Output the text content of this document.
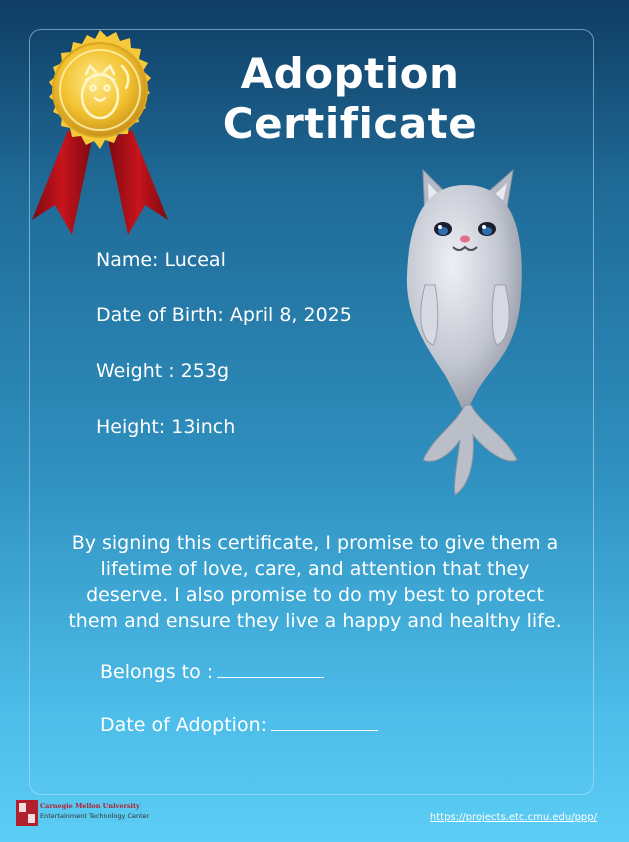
Adoption
Certificate
Name: Luceal
Date of Birth: April 8, 2025
Weight : 253g
Height: 13inch
By signing this certificate, I promise to give them a lifetime of love, care, and attention that they deserve. I also promise to do my best to protect them and ensure they live a happy and healthy life.
Belongs to :
Date of Adoption:
Carnegie Mellon University
Entertainment Technology Center	https://projects.etc.cmu.edu/ppp/
